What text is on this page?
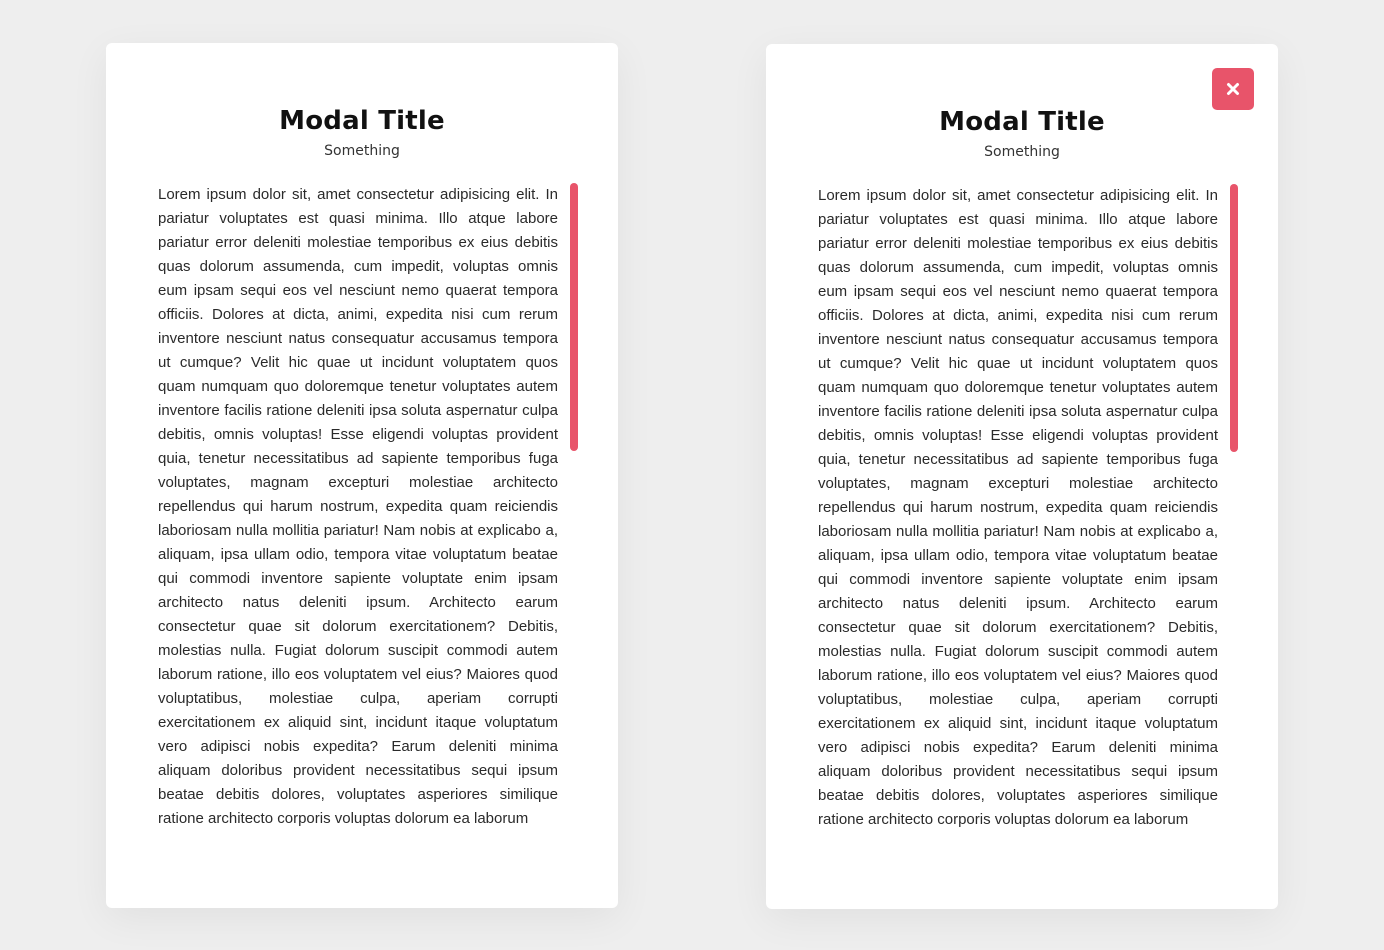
Modal Title
Something

Lorem ipsum dolor sit, amet consectetur adipisicing elit. In pariatur voluptates est quasi minima. Illo atque labore pariatur error deleniti molestiae temporibus ex eius debitis quas dolorum assumenda, cum impedit, voluptas omnis eum ipsam sequi eos vel nesciunt nemo quaerat tempora officiis. Dolores at dicta, animi, expedita nisi cum rerum inventore nesciunt natus consequatur accusamus tempora ut cumque? Velit hic quae ut incidunt voluptatem quos quam numquam quo doloremque tenetur voluptates autem inventore facilis ratione deleniti ipsa soluta aspernatur culpa debitis, omnis voluptas! Esse eligendi voluptas provident quia, tenetur necessitatibus ad sapiente temporibus fuga voluptates, magnam excepturi molestiae architecto repellendus qui harum nostrum, expedita quam reiciendis laboriosam nulla mollitia pariatur! Nam nobis at explicabo a, aliquam, ipsa ullam odio, tempora vitae voluptatum beatae qui commodi inventore sapiente voluptate enim ipsam architecto natus deleniti ipsum. Architecto earum consectetur quae sit dolorum exercitationem? Debitis, molestias nulla. Fugiat dolorum suscipit commodi autem laborum ratione, illo eos voluptatem vel eius? Maiores quod voluptatibus, molestiae culpa, aperiam corrupti exercitationem ex aliquid sint, incidunt itaque voluptatum vero adipisci nobis expedita? Earum deleniti minima aliquam doloribus provident necessitatibus sequi ipsum beatae debitis dolores, voluptates asperiores similique ratione architecto corporis voluptas dolorum ea laborum

Modal Title
Something

Lorem ipsum dolor sit, amet consectetur adipisicing elit. In pariatur voluptates est quasi minima. Illo atque labore pariatur error deleniti molestiae temporibus ex eius debitis quas dolorum assumenda, cum impedit, voluptas omnis eum ipsam sequi eos vel nesciunt nemo quaerat tempora officiis. Dolores at dicta, animi, expedita nisi cum rerum inventore nesciunt natus consequatur accusamus tempora ut cumque? Velit hic quae ut incidunt voluptatem quos quam numquam quo doloremque tenetur voluptates autem inventore facilis ratione deleniti ipsa soluta aspernatur culpa debitis, omnis voluptas! Esse eligendi voluptas provident quia, tenetur necessitatibus ad sapiente temporibus fuga voluptates, magnam excepturi molestiae architecto repellendus qui harum nostrum, expedita quam reiciendis laboriosam nulla mollitia pariatur! Nam nobis at explicabo a, aliquam, ipsa ullam odio, tempora vitae voluptatum beatae qui commodi inventore sapiente voluptate enim ipsam architecto natus deleniti ipsum. Architecto earum consectetur quae sit dolorum exercitationem? Debitis, molestias nulla. Fugiat dolorum suscipit commodi autem laborum ratione, illo eos voluptatem vel eius? Maiores quod voluptatibus, molestiae culpa, aperiam corrupti exercitationem ex aliquid sint, incidunt itaque voluptatum vero adipisci nobis expedita? Earum deleniti minima aliquam doloribus provident necessitatibus sequi ipsum beatae debitis dolores, voluptates asperiores similique ratione architecto corporis voluptas dolorum ea laborum
